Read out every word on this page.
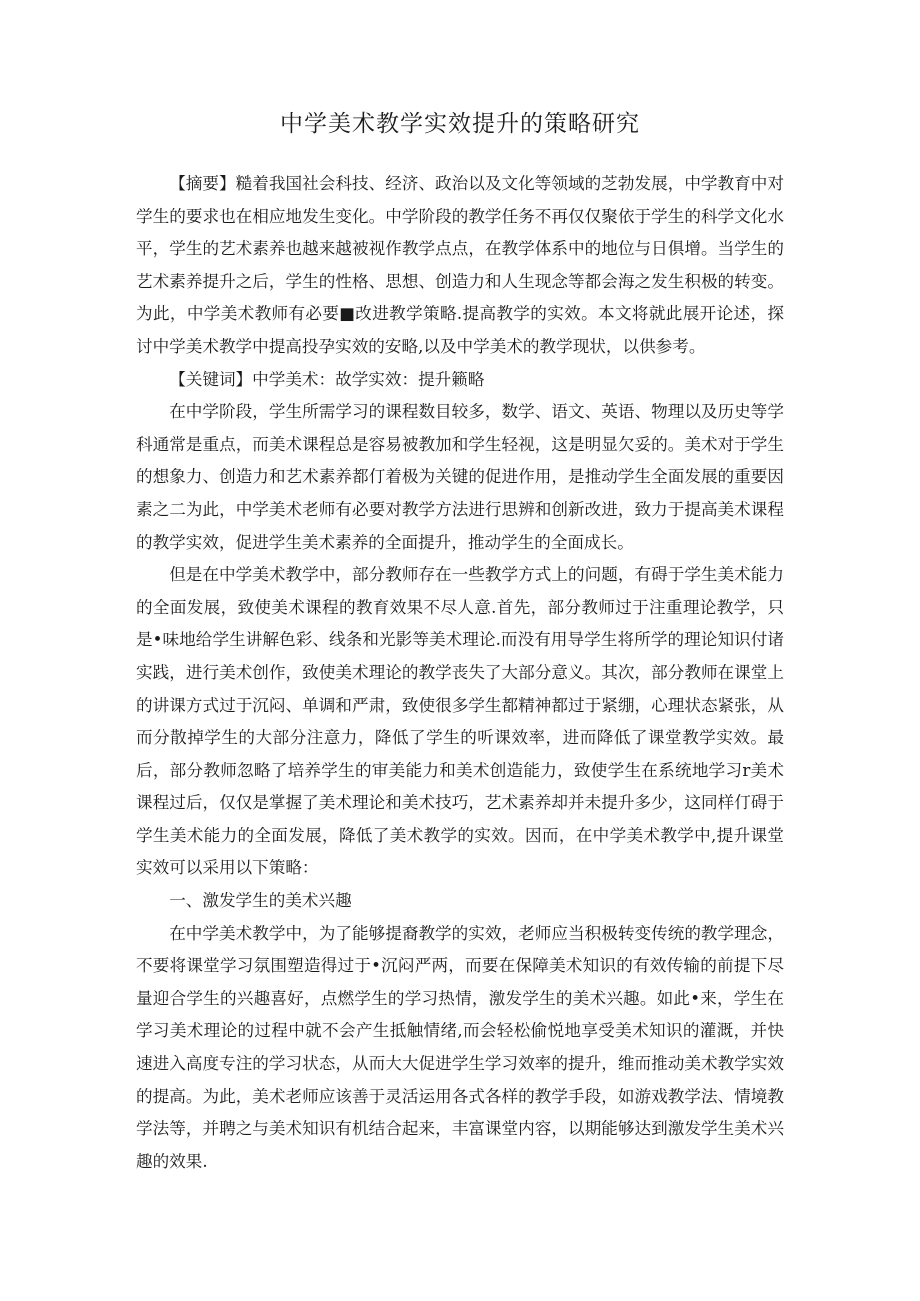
中学美术教学实效提升的策略研究

【摘要】糙着我国社会科技、经济、政治以及文化等领域的芝勃发展，中学教育中对学生的要求也在相应地发生变化。中学阶段的教学任务不再仅仅聚依于学生的科学文化水平，学生的艺术素养也越来越被视作教学点点，在教学体系中的地位与日俱增。当学生的艺术素养提升之后，学生的性格、思想、创造力和人生现念等都会海之发生积极的转变。为此，中学美术教师有必要■改进教学策略.提高教学的实效。本文将就此展开论述，探讨中学美术教学中提高投孕实效的安略,以及中学美术的教学现状，以供参考。

【关键词】中学美术：故学实效：提升籁略

在中学阶段，学生所需学习的课程数目较多，数学、语文、英语、物理以及历史等学科通常是重点，而美术课程总是容易被教加和学生轻视，这是明显欠妥的。美术对于学生的想象力、创造力和艺术素养都仃着极为关键的促进作用，是推动学生全面发展的重要因素之二为此，中学美术老师有必要对教学方法进行思辨和创新改进，致力于提高美术课程的教学实效，促进学生美术素养的全面提升，推动学生的全面成长。

但是在中学美术教学中，部分教师存在一些教学方式上的问题，有碍于学生美术能力的全面发展，致使美术课程的教育效果不尽人意.首先，部分教师过于注重理论教学，只是•味地给学生讲解色彩、线条和光影等美术理论.而没有用导学生将所学的理论知识付诸实践，进行美术创作，致使美术理论的教学丧失了大部分意义。其次，部分教师在课堂上的讲课方式过于沉闷、单调和严肃，致使很多学生都精神都过于紧绷，心理状态紧张，从而分散掉学生的大部分注意力，降低了学生的听课效率，进而降低了课堂教学实效。最后，部分教师忽略了培养学生的审美能力和美术创造能力，致使学生在系统地学习r美术课程过后，仅仅是掌握了美术理论和美术技巧，艺术素养却并未提升多少，这同样仃碍于学生美术能力的全面发展，降低了美术教学的实效。因而，在中学美术教学中,提升课堂实效可以采用以下策略：

一、激发学生的美术兴趣

在中学美术教学中，为了能够提裔教学的实效，老师应当积极转变传统的教学理念，不要将课堂学习氛围塑造得过于•沉闷严两，而要在保障美术知识的有效传输的前提下尽量迎合学生的兴趣喜好，点燃学生的学习热情，激发学生的美术兴趣。如此•来，学生在学习美术理论的过程中就不会产生抵触情绪,而会轻松偷悦地享受美术知识的灌溉，并快速进入高度专注的学习状态，从而大大促进学生学习效率的提升，维而推动美术教学实效的提高。为此，美术老师应该善于灵活运用各式各样的教学手段，如游戏教学法、情境教学法等，并聘之与美术知识有机结合起来，丰富课堂内容，以期能够达到激发学生美术兴趣的效果.
